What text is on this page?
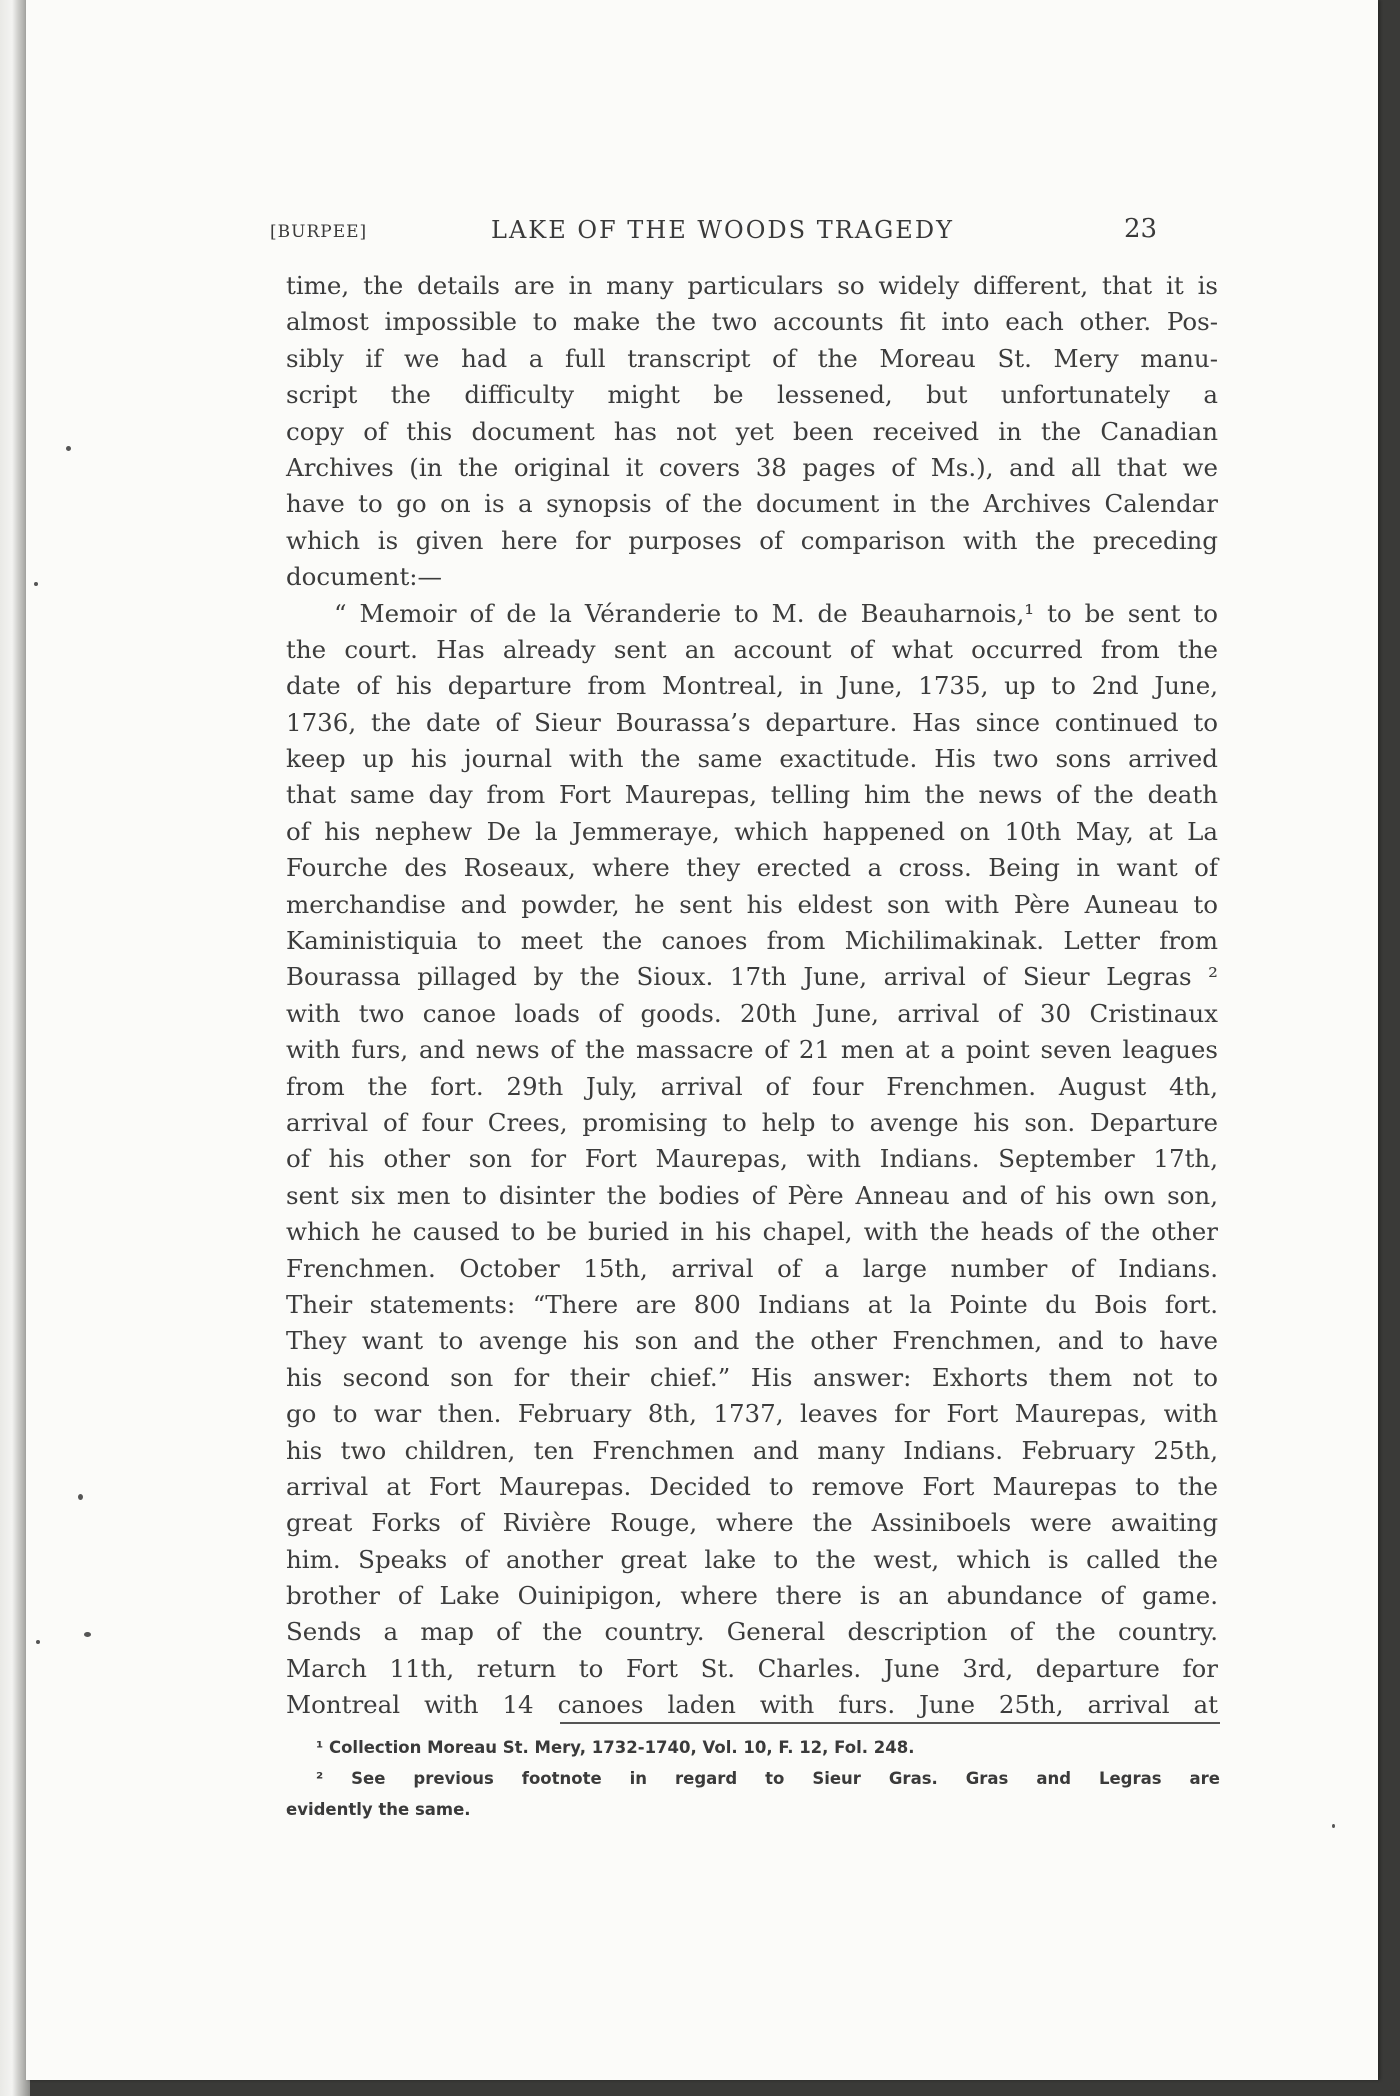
[BURPEE]	LAKE OF THE WOODS TRAGEDY	23
time, the details are in many particulars so widely different, that it is
almost impossible to make the two accounts fit into each other. Pos-
sibly if we had a full transcript of the Moreau St. Mery manu-
script the difficulty might be lessened, but unfortunately a
copy of this document has not yet been received in the Canadian
Archives (in the original it covers 38 pages of Ms.), and all that we
have to go on is a synopsis of the document in the Archives Calendar
which is given here for purposes of comparison with the preceding
document:—
“ Memoir of de la Véranderie to M. de Beauharnois,¹ to be sent to
the court. Has already sent an account of what occurred from the
date of his departure from Montreal, in June, 1735, up to 2nd June,
1736, the date of Sieur Bourassa’s departure. Has since continued to
keep up his journal with the same exactitude. His two sons arrived
that same day from Fort Maurepas, telling him the news of the death
of his nephew De la Jemmeraye, which happened on 10th May, at La
Fourche des Roseaux, where they erected a cross. Being in want of
merchandise and powder, he sent his eldest son with Père Auneau to
Kaministiquia to meet the canoes from Michilimakinak. Letter from
Bourassa pillaged by the Sioux. 17th June, arrival of Sieur Legras ²
with two canoe loads of goods. 20th June, arrival of 30 Cristinaux
with furs, and news of the massacre of 21 men at a point seven leagues
from the fort. 29th July, arrival of four Frenchmen. August 4th,
arrival of four Crees, promising to help to avenge his son. Departure
of his other son for Fort Maurepas, with Indians. September 17th,
sent six men to disinter the bodies of Père Anneau and of his own son,
which he caused to be buried in his chapel, with the heads of the other
Frenchmen. October 15th, arrival of a large number of Indians.
Their statements: “There are 800 Indians at la Pointe du Bois fort.
They want to avenge his son and the other Frenchmen, and to have
his second son for their chief.” His answer: Exhorts them not to
go to war then. February 8th, 1737, leaves for Fort Maurepas, with
his two children, ten Frenchmen and many Indians. February 25th,
arrival at Fort Maurepas. Decided to remove Fort Maurepas to the
great Forks of Rivière Rouge, where the Assiniboels were awaiting
him. Speaks of another great lake to the west, which is called the
brother of Lake Ouinipigon, where there is an abundance of game.
Sends a map of the country. General description of the country.
March 11th, return to Fort St. Charles. June 3rd, departure for
Montreal with 14 canoes laden with furs. June 25th, arrival at
¹ Collection Moreau St. Mery, 1732-1740, Vol. 10, F. 12, Fol. 248.
² See previous footnote in regard to Sieur Gras. Gras and Legras are
evidently the same.
